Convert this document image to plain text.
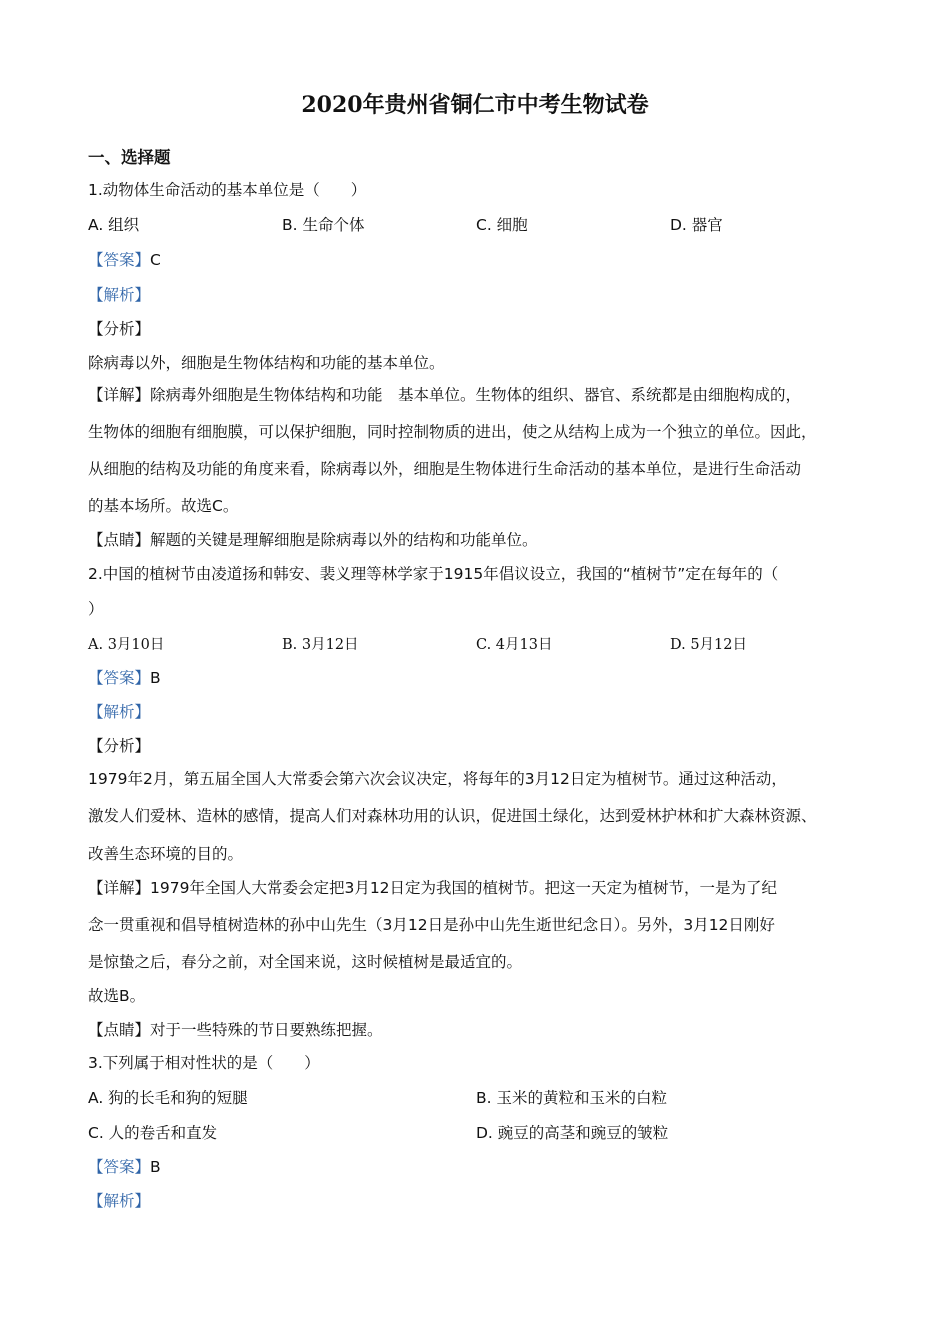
2020年贵州省铜仁市中考生物试卷
一、选择题
1.动物体生命活动的基本单位是（　　）
A. 组织	B. 生命个体	C. 细胞	D. 器官
【答案】C
【解析】
【分析】
除病毒以外，细胞是生物体结构和功能的基本单位。
【详解】除病毒外细胞是生物体结构和功能　基本单位。生物体的组织、器官、系统都是由细胞构成的，
生物体的细胞有细胞膜，可以保护细胞，同时控制物质的进出，使之从结构上成为一个独立的单位。因此，
从细胞的结构及功能的角度来看，除病毒以外，细胞是生物体进行生命活动的基本单位，是进行生命活动
的基本场所。故选C。
【点睛】解题的关键是理解细胞是除病毒以外的结构和功能单位。
2.中国的植树节由凌道扬和韩安、裴义理等林学家于1915年倡议设立，我国的“植树节”定在每年的（
）
A. 3月10日	B. 3月12日	C. 4月13日	D. 5月12日
【答案】B
【解析】
【分析】
1979年2月，第五届全国人大常委会第六次会议决定，将每年的3月12日定为植树节。通过这种活动，
激发人们爱林、造林的感情，提高人们对森林功用的认识，促进国土绿化，达到爱林护林和扩大森林资源、
改善生态环境的目的。
【详解】1979年全国人大常委会定把3月12日定为我国的植树节。把这一天定为植树节，一是为了纪
念一贯重视和倡导植树造林的孙中山先生（3月12日是孙中山先生逝世纪念日）。另外，3月12日刚好
是惊蛰之后，春分之前，对全国来说，这时候植树是最适宜的。
故选B。
【点睛】对于一些特殊的节日要熟练把握。
3.下列属于相对性状的是（　　）
A. 狗的长毛和狗的短腿	B. 玉米的黄粒和玉米的白粒
C. 人的卷舌和直发	D. 豌豆的高茎和豌豆的皱粒
【答案】B
【解析】
